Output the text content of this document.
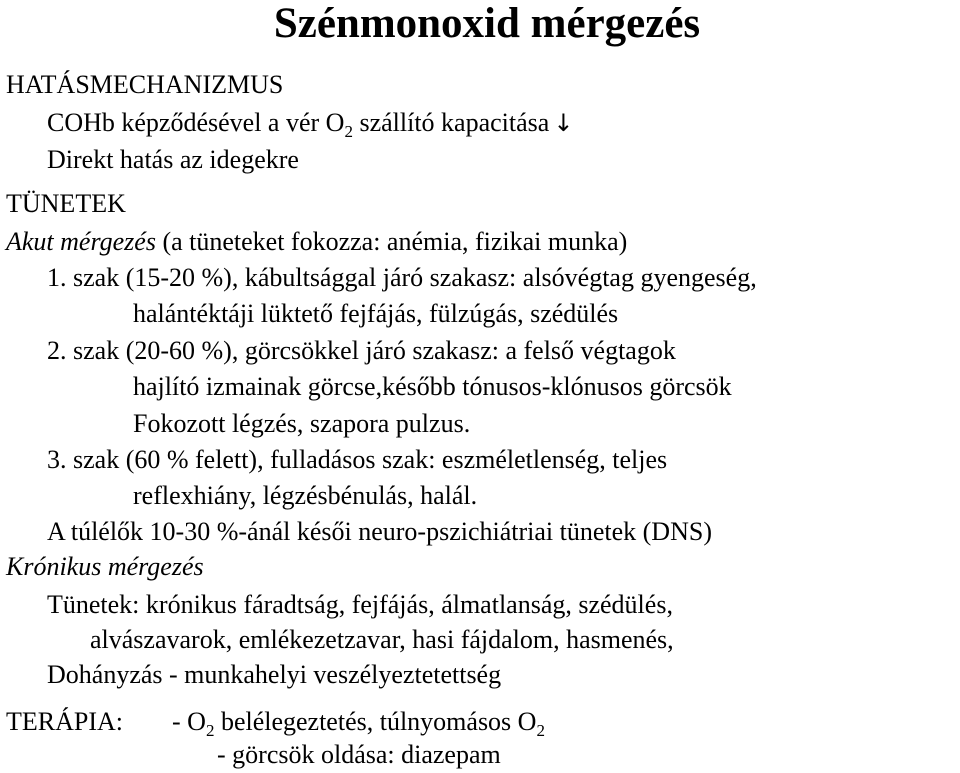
Szénmonoxid mérgezés
HATÁSMECHANIZMUS
COHb képződésével a vér $O_2$ szállító kapacitása ↓
Direkt hatás az idegekre
TÜNETEK
Akut mérgezés (a tüneteket fokozza: anémia, fizikai munka)
1. szak (15-20 %), kábultsággal járó szakasz: alsóvégtag gyengeség,
halántéktáji lüktető fejfájás, fülzúgás, szédülés
2. szak (20-60 %), görcsökkel járó szakasz: a felső végtagok
hajlító izmainak görcse,később tónusos-klónusos görcsök
Fokozott légzés, szapora pulzus.
3. szak (60 % felett), fulladásos szak: eszméletlenség, teljes
reflexhiány, légzésbénulás, halál.
A túlélők 10-30 %-ánál késői neuro-pszichiátriai tünetek (DNS)
Krónikus mérgezés
Tünetek: krónikus fáradtság, fejfájás, álmatlanság, szédülés,
alvászavarok, emlékezetzavar, hasi fájdalom, hasmenés,
Dohányzás - munkahelyi veszélyeztetettség
TERÁPIA: - $O_2$ belélegeztetés, túlnyomásos $O_2$
- görcsök oldása: diazepam
